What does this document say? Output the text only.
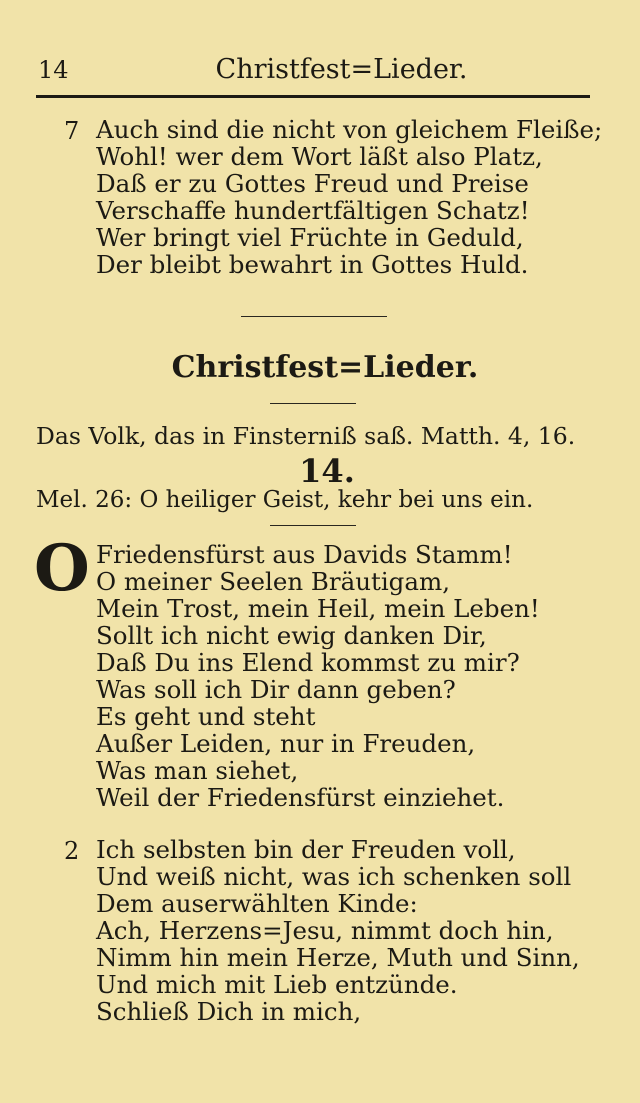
14	Christfest=Lieder.
7 Auch sind die nicht von gleichem Fleiße;
Wohl! wer dem Wort läßt also Platz,
Daß er zu Gottes Freud und Preise
Verschaffe hundertfältigen Schatz!
Wer bringt viel Früchte in Geduld,
Der bleibt bewahrt in Gottes Huld.
Christfest=Lieder.
Das Volk, das in Finsterniß saß. Matth. 4, 16.
14.
Mel. 26: O heiliger Geist, kehr bei uns ein.
O Friedensfürst aus Davids Stamm!
O meiner Seelen Bräutigam,
Mein Trost, mein Heil, mein Leben!
Sollt ich nicht ewig danken Dir,
Daß Du ins Elend kommst zu mir?
Was soll ich Dir dann geben?
Es geht und steht
Außer Leiden, nur in Freuden,
Was man siehet,
Weil der Friedensfürst einziehet.
2 Ich selbsten bin der Freuden voll,
Und weiß nicht, was ich schenken soll
Dem auserwählten Kinde:
Ach, Herzens=Jesu, nimmt doch hin,
Nimm hin mein Herze, Muth und Sinn,
Und mich mit Lieb entzünde.
Schließ Dich in mich,
